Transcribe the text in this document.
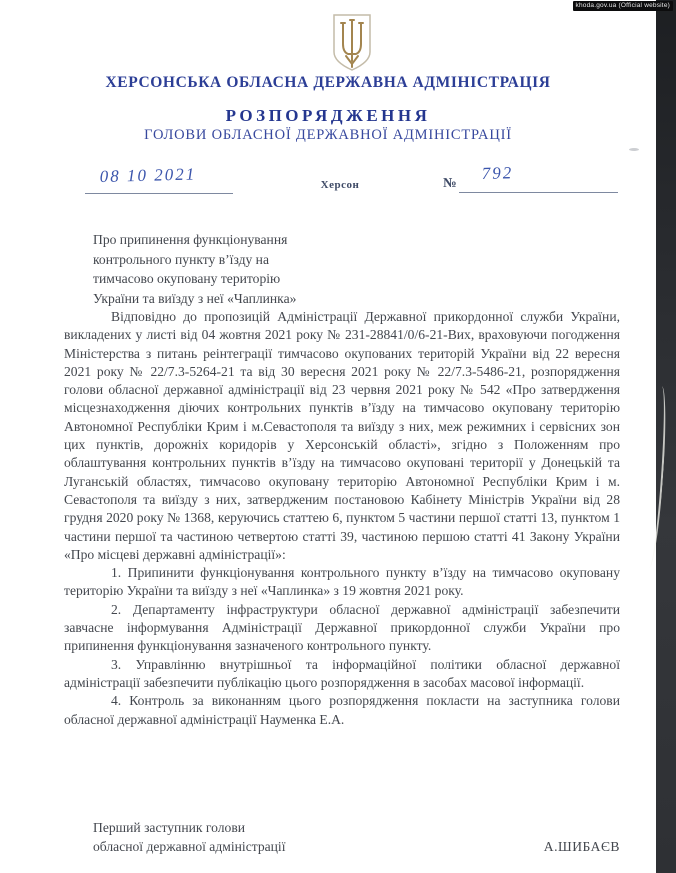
khoda.gov.ua (Official website)
ХЕРСОНСЬКА ОБЛАСНА ДЕРЖАВНА АДМІНІСТРАЦІЯ
РОЗПОРЯДЖЕННЯ
ГОЛОВИ ОБЛАСНОЇ ДЕРЖАВНОЇ АДМІНІСТРАЦІЇ
08 10 2021	Херсон	№ 792
Про припинення функціонування
контрольного пункту в’їзду на
тимчасово окуповану територію
України та виїзду з неї «Чаплинка»

Відповідно до пропозицій Адміністрації Державної прикордонної служби України, викладених у листі від 04 жовтня 2021 року № 231-28841/0/6-21-Вих, враховуючи погодження Міністерства з питань реінтеграції тимчасово окупованих територій України від 22 вересня 2021 року № 22/7.3-5264-21 та від 30 вересня 2021 року № 22/7.3-5486-21, розпорядження голови обласної державної адміністрації від 23 червня 2021 року № 542 «Про затвердження місцезнаходження діючих контрольних пунктів в’їзду на тимчасово окуповану територію Автономної Республіки Крим і м.Севастополя та виїзду з них, меж режимних і сервісних зон цих пунктів, дорожніх коридорів у Херсонській області», згідно з Положенням про облаштування контрольних пунктів в’їзду на тимчасово окуповані території у Донецькій та Луганській областях, тимчасово окуповану територію Автономної Республіки Крим і м. Севастополя та виїзду з них, затвердженим постановою Кабінету Міністрів України від 28 грудня 2020 року № 1368, керуючись статтею 6, пунктом 5 частини першої статті 13, пунктом 1 частини першої та частиною четвертою статті 39, частиною першою статті 41 Закону України «Про місцеві державні адміністрації»:

1. Припинити функціонування контрольного пункту в’їзду на тимчасово окуповану територію України та виїзду з неї «Чаплинка» з 19 жовтня 2021 року.

2. Департаменту інфраструктури обласної державної адміністрації забезпечити завчасне інформування Адміністрації Державної прикордонної служби України про припинення функціонування зазначеного контрольного пункту.

3. Управлінню внутрішньої та інформаційної політики обласної державної адміністрації забезпечити публікацію цього розпорядження в засобах масової інформації.

4. Контроль за виконанням цього розпорядження покласти на заступника голови обласної державної адміністрації Науменка Е.А.

Перший заступник голови
обласної державної адміністрації	А.ШИБАЄВ
